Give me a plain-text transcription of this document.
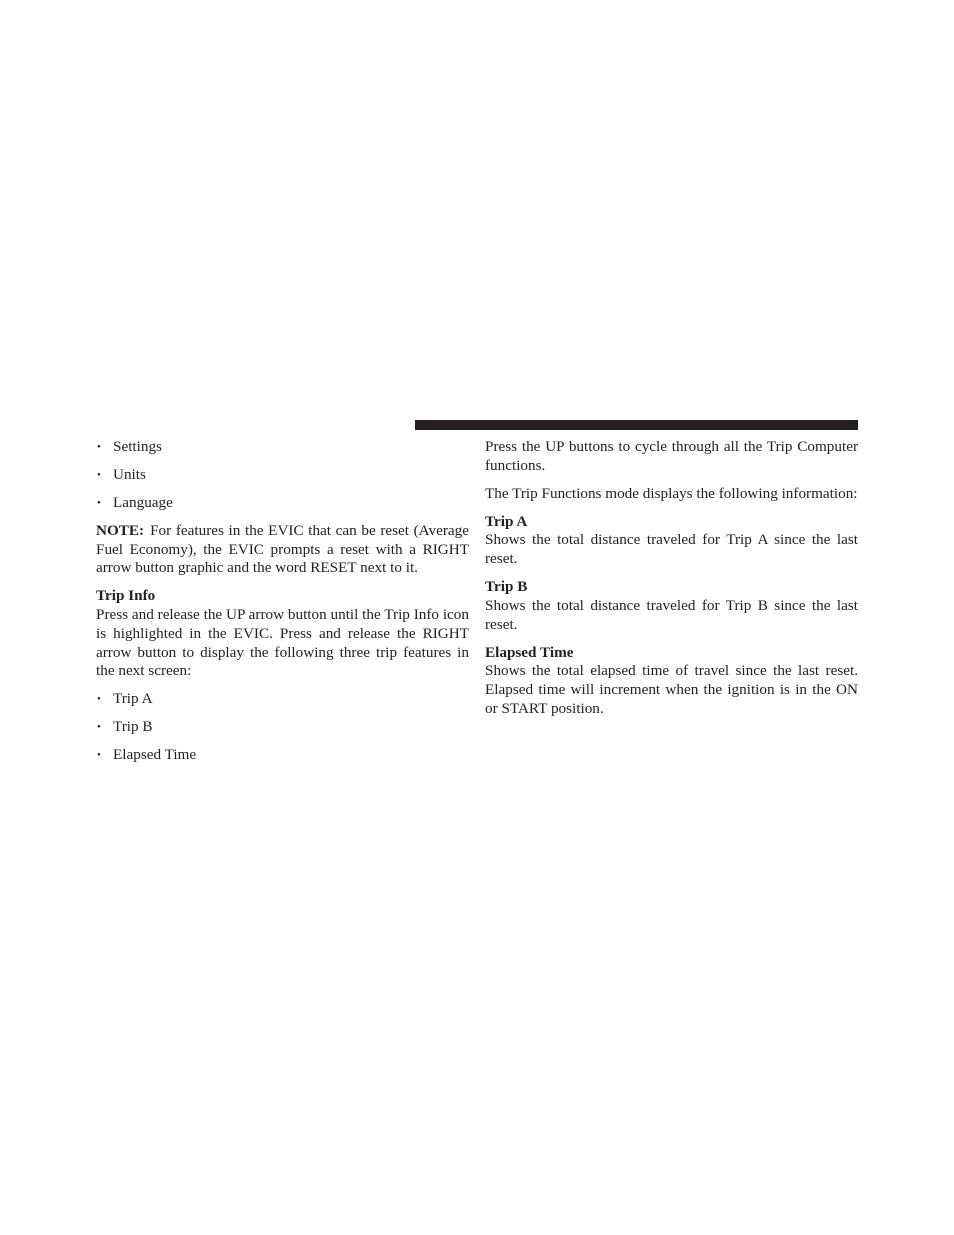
• Settings
• Units
• Language

NOTE: For features in the EVIC that can be reset (Average Fuel Economy), the EVIC prompts a reset with a RIGHT arrow button graphic and the word RESET next to it.

Trip Info

Press and release the UP arrow button until the Trip Info icon is highlighted in the EVIC. Press and release the RIGHT arrow button to display the following three trip features in the next screen:

• Trip A
• Trip B
• Elapsed Time

Press the UP buttons to cycle through all the Trip Computer functions.

The Trip Functions mode displays the following information:

Trip A

Shows the total distance traveled for Trip A since the last reset.

Trip B

Shows the total distance traveled for Trip B since the last reset.

Elapsed Time

Shows the total elapsed time of travel since the last reset. Elapsed time will increment when the ignition is in the ON or START position.
